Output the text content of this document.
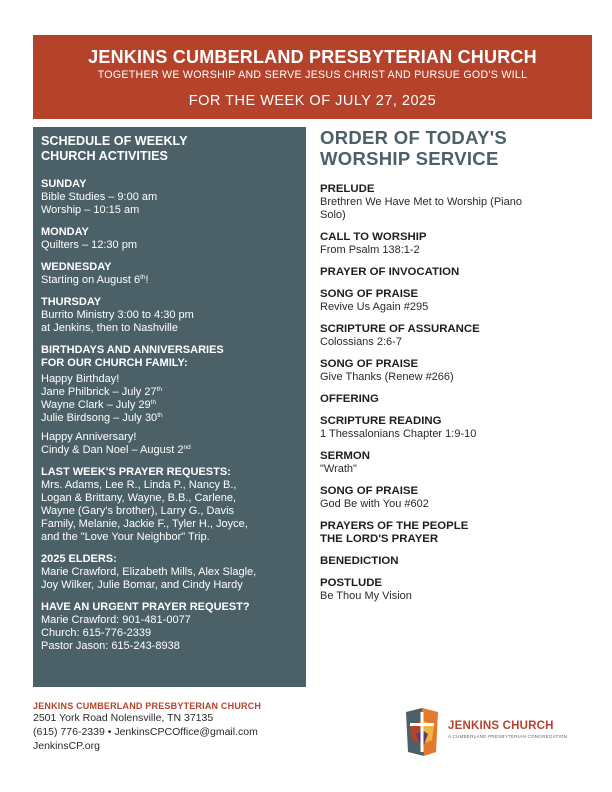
JENKINS CUMBERLAND PRESBYTERIAN CHURCH
TOGETHER WE WORSHIP AND SERVE JESUS CHRIST AND PURSUE GOD'S WILL
FOR THE WEEK OF JULY 27, 2025
SCHEDULE OF WEEKLY
CHURCH ACTIVITIES
SUNDAY
Bible Studies – 9:00 am
Worship – 10:15 am
MONDAY
Quilters – 12:30 pm
WEDNESDAY
Starting on August 6th!
THURSDAY
Burrito Ministry 3:00 to 4:30 pm
at Jenkins, then to Nashville
BIRTHDAYS AND ANNIVERSARIES
FOR OUR CHURCH FAMILY:
Happy Birthday!
Jane Philbrick – July 27th
Wayne Clark – July 29th
Julie Birdsong – July 30th
Happy Anniversary!
Cindy & Dan Noel – August 2nd
LAST WEEK'S PRAYER REQUESTS:
Mrs. Adams, Lee R., Linda P., Nancy B.,
Logan & Brittany, Wayne, B.B., Carlene,
Wayne (Gary's brother), Larry G., Davis
Family, Melanie, Jackie F., Tyler H., Joyce,
and the "Love Your Neighbor" Trip.
2025 ELDERS:
Marie Crawford, Elizabeth Mills, Alex Slagle,
Joy Wilker, Julie Bomar, and Cindy Hardy
HAVE AN URGENT PRAYER REQUEST?
Marie Crawford: 901-481-0077
Church: 615-776-2339
Pastor Jason: 615-243-8938
ORDER OF TODAY'S
WORSHIP SERVICE
PRELUDE
Brethren We Have Met to Worship (Piano
Solo)
CALL TO WORSHIP
From Psalm 138:1-2
PRAYER OF INVOCATION
SONG OF PRAISE
Revive Us Again #295
SCRIPTURE OF ASSURANCE
Colossians 2:6-7
SONG OF PRAISE
Give Thanks (Renew #266)
OFFERING
SCRIPTURE READING
1 Thessalonians Chapter 1:9-10
SERMON
"Wrath"
SONG OF PRAISE
God Be with You #602
PRAYERS OF THE PEOPLE
THE LORD'S PRAYER
BENEDICTION
POSTLUDE
Be Thou My Vision
JENKINS CUMBERLAND PRESBYTERIAN CHURCH
2501 York Road Nolensville, TN 37135
(615) 776-2339 • JenkinsCPCOffice@gmail.com
JenkinsCP.org
JENKINS CHURCH
A CUMBERLAND PRESBYTERIAN CONGREGATION
